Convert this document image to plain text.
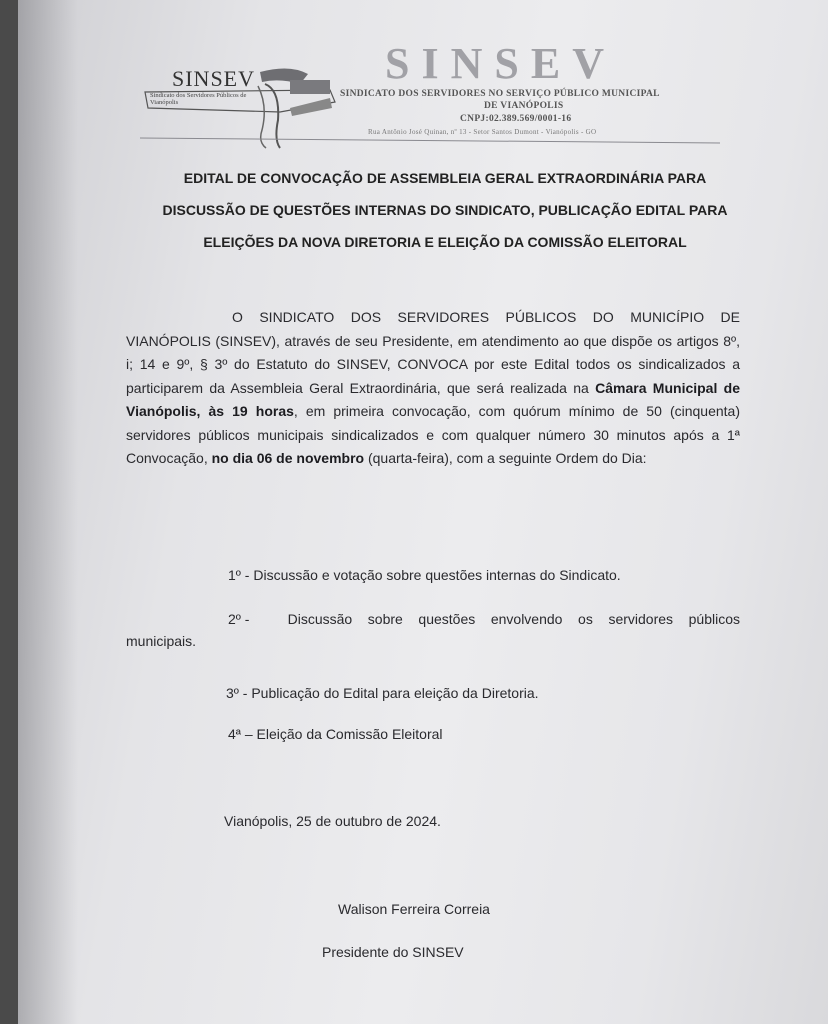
SINSEV
Sindicato dos Servidores Públicos de Vianópolis
SINSEV
SINDICATO DOS SERVIDORES NO SERVIÇO PÚBLICO MUNICIPAL
DE VIANÓPOLIS
CNPJ:02.389.569/0001-16
Rua Antônio José Quinan, nº 13 - Setor Santos Dumont - Vianópolis - GO
EDITAL DE CONVOCAÇÃO DE ASSEMBLEIA GERAL EXTRAORDINÁRIA PARA
DISCUSSÃO DE QUESTÕES INTERNAS DO SINDICATO, PUBLICAÇÃO EDITAL PARA
ELEIÇÕES DA NOVA DIRETORIA E ELEIÇÃO DA COMISSÃO ELEITORAL

O SINDICATO DOS SERVIDORES PÚBLICOS DO MUNICÍPIO DE VIANÓPOLIS (SINSEV), através de seu Presidente, em atendimento ao que dispõe os artigos 8º, i; 14 e 9º, § 3º do Estatuto do SINSEV, CONVOCA por este Edital todos os sindicalizados a participarem da Assembleia Geral Extraordinária, que será realizada na Câmara Municipal de Vianópolis, às 19 horas, em primeira convocação, com quórum mínimo de 50 (cinquenta) servidores públicos municipais sindicalizados e com qualquer número 30 minutos após a 1ª Convocação, no dia 06 de novembro (quarta-feira), com a seguinte Ordem do Dia:

1º - Discussão e votação sobre questões internas do Sindicato.
2º -	Discussão sobre questões envolvendo os servidores públicos municipais.
3º - Publicação do Edital para eleição da Diretoria.
4ª – Eleição da Comissão Eleitoral
Vianópolis, 25 de outubro de 2024.
Walison Ferreira Correia
Presidente do SINSEV
